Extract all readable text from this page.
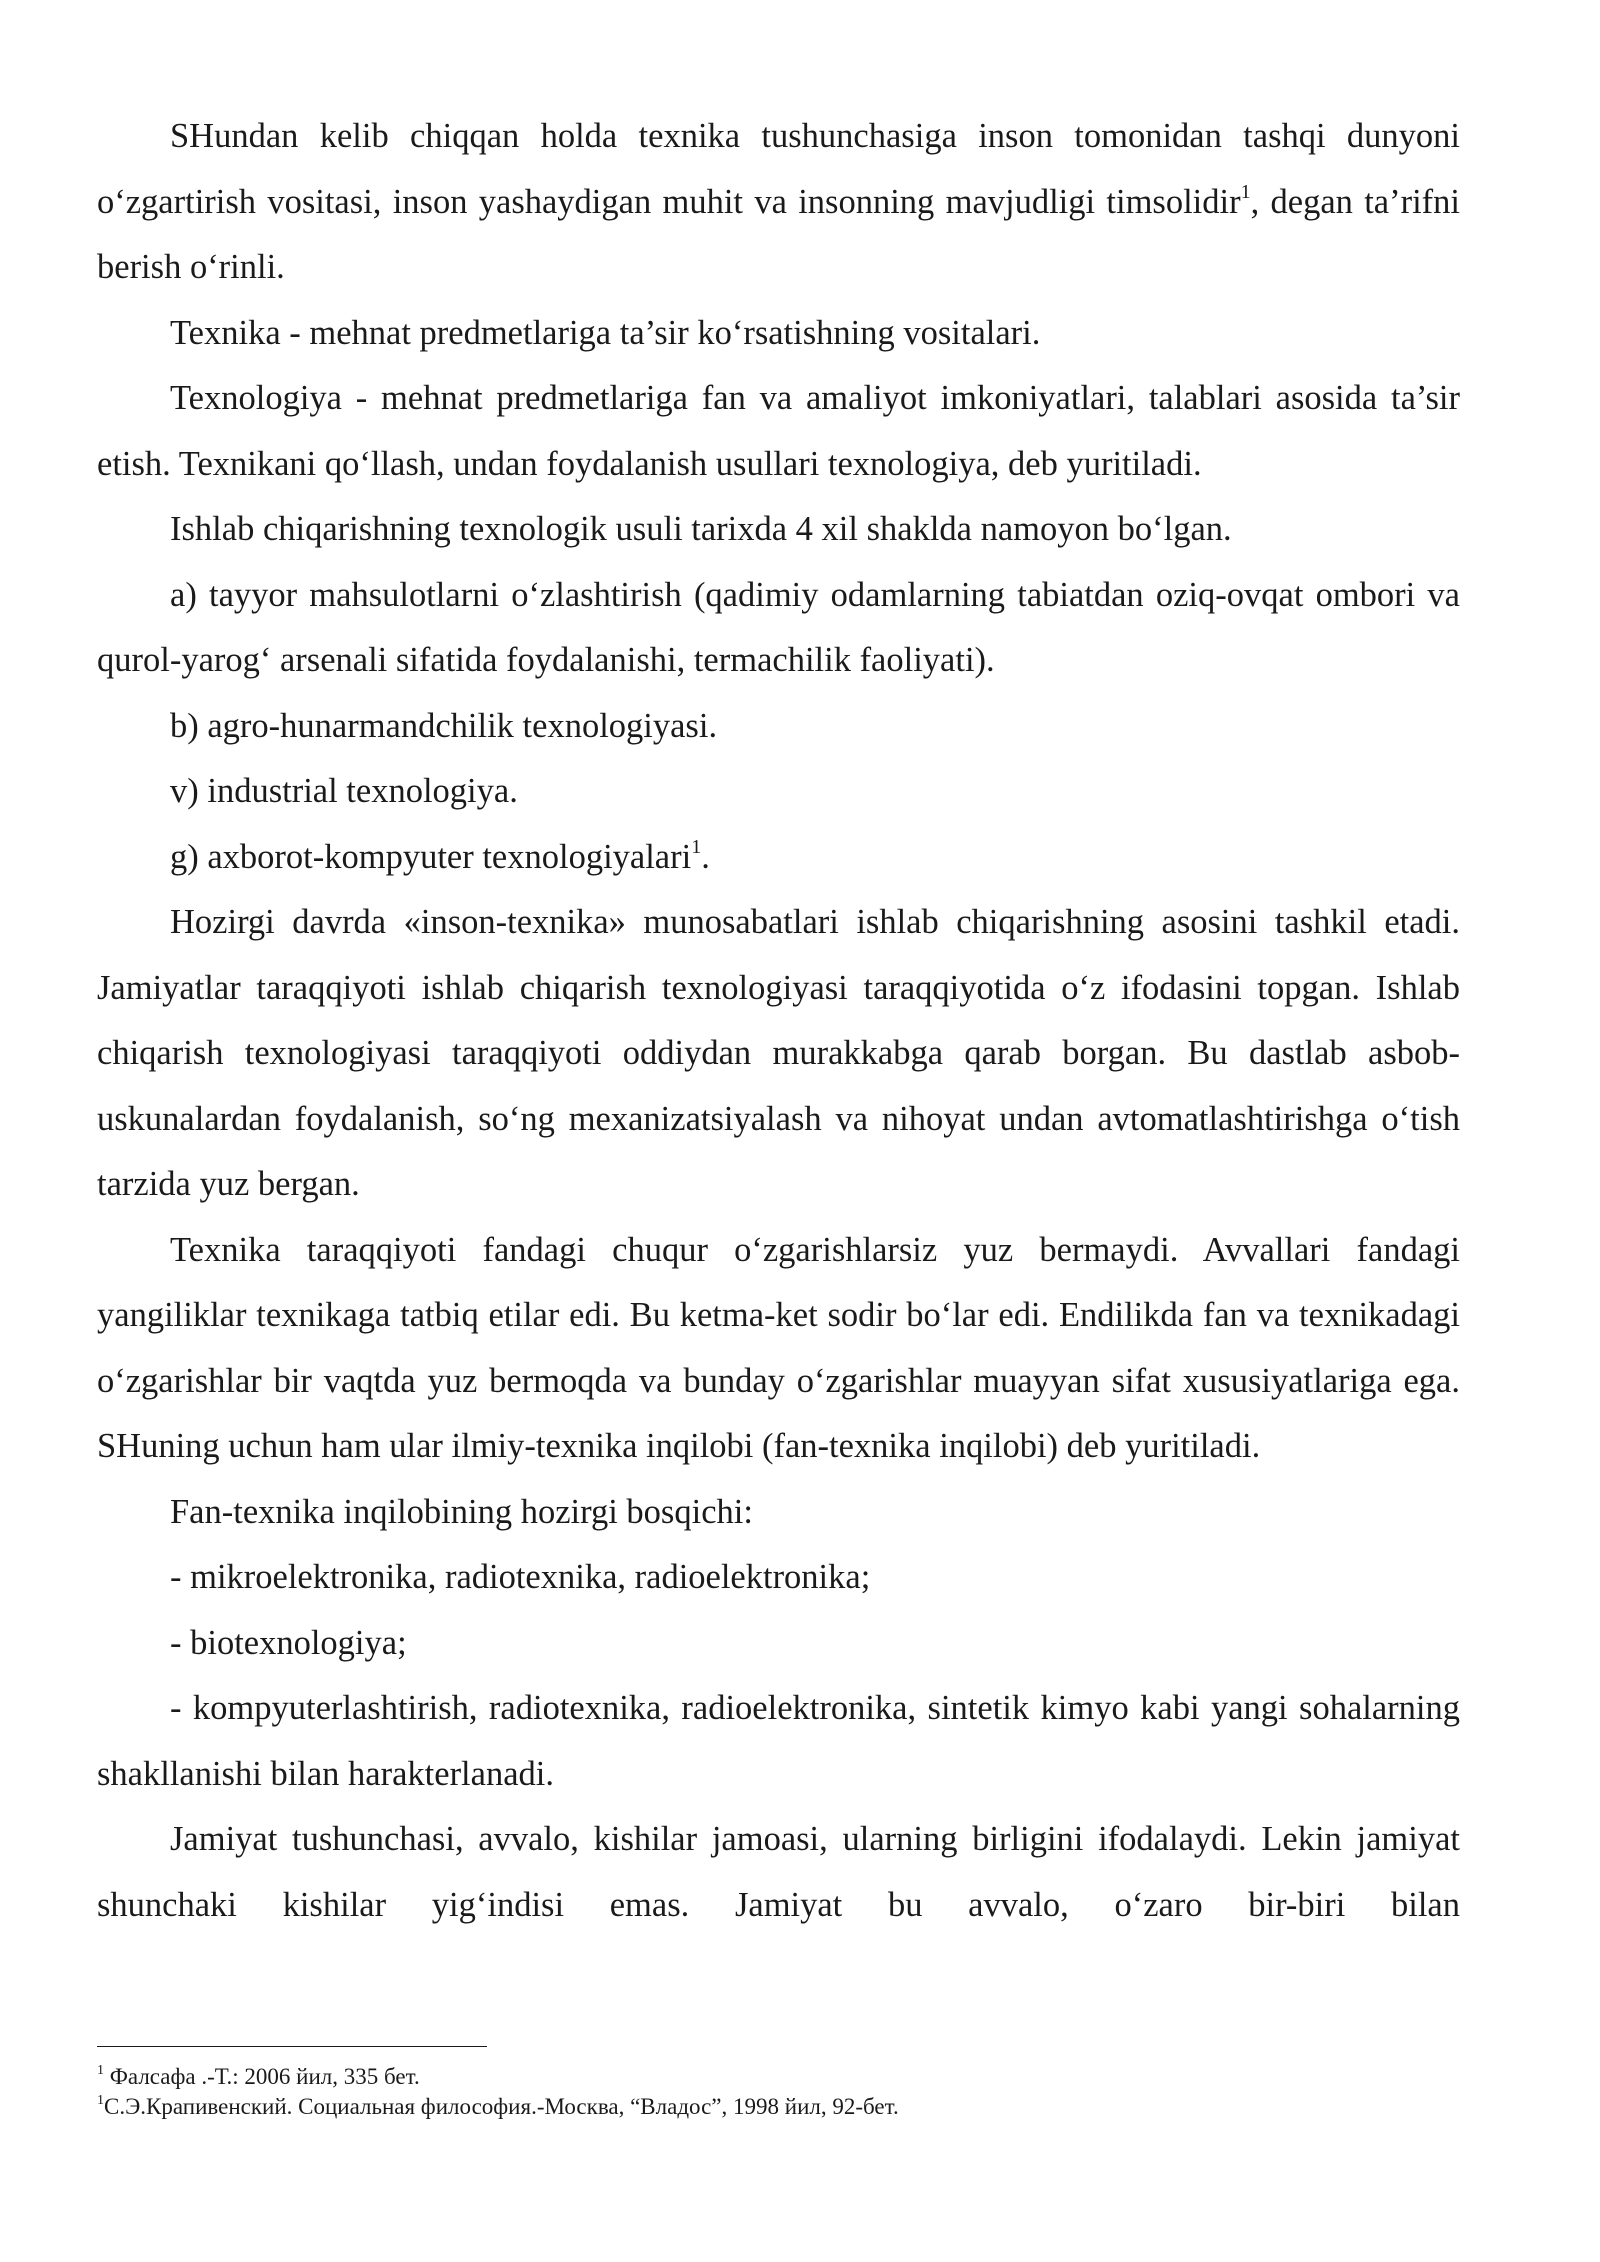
SHundan kelib chiqqan holda texnika tushunchasiga inson tomonidan tashqi dunyoni o‘zgartirish vositasi, inson yashaydigan muhit va insonning mavjudligi timsolidir$^1$, degan ta’rifni berish o‘rinli.

Texnika - mehnat predmetlariga ta’sir ko‘rsatishning vositalari.

Texnologiya - mehnat predmetlariga fan va amaliyot imkoniyatlari, talablari asosida ta’sir etish. Texnikani qo‘llash, undan foydalanish usullari texnologiya, deb yuritiladi.

Ishlab chiqarishning texnologik usuli tarixda 4 xil shaklda namoyon bo‘lgan.

a) tayyor mahsulotlarni o‘zlashtirish (qadimiy odamlarning tabiatdan oziq-ovqat ombori va qurol-yarog‘ arsenali sifatida foydalanishi, termachilik faoliyati).

b) agro-hunarmandchilik texnologiyasi.

v) industrial texnologiya.

g) axborot-kompyuter texnologiyalari$^1$.

Hozirgi davrda «inson-texnika» munosabatlari ishlab chiqarishning asosini tashkil etadi. Jamiyatlar taraqqiyoti ishlab chiqarish texnologiyasi taraqqiyotida o‘z ifodasini topgan. Ishlab chiqarish texnologiyasi taraqqiyoti oddiydan murakkabga qarab borgan. Bu dastlab asbob-uskunalardan foydalanish, so‘ng mexanizatsiyalash va nihoyat undan avtomatlashtirishga o‘tish tarzida yuz bergan.

Texnika taraqqiyoti fandagi chuqur o‘zgarishlarsiz yuz bermaydi. Avvallari fandagi yangiliklar texnikaga tatbiq etilar edi. Bu ketma-ket sodir bo‘lar edi. Endilikda fan va texnikadagi o‘zgarishlar bir vaqtda yuz bermoqda va bunday o‘zgarishlar muayyan sifat xususiyatlariga ega. SHuning uchun ham ular ilmiy-texnika inqilobi (fan-texnika inqilobi) deb yuritiladi.

Fan-texnika inqilobining hozirgi bosqichi:

- mikroelektronika, radiotexnika, radioelektronika;

- biotexnologiya;

- kompyuterlashtirish, radiotexnika, radioelektronika, sintetik kimyo kabi yangi sohalarning shakllanishi bilan harakterlanadi.

Jamiyat tushunchasi, avvalo, kishilar jamoasi, ularning birligini ifodalaydi. Lekin jamiyat shunchaki kishilar yig‘indisi emas. Jamiyat bu avvalo, o‘zaro bir-biri bilan

$^1$ Фалсафа .-Т.: 2006 йил, 335 бет.

$^1$С.Э.Крапивенский. Социальная философия.-Москва, “Владос”, 1998 йил, 92-бет.
